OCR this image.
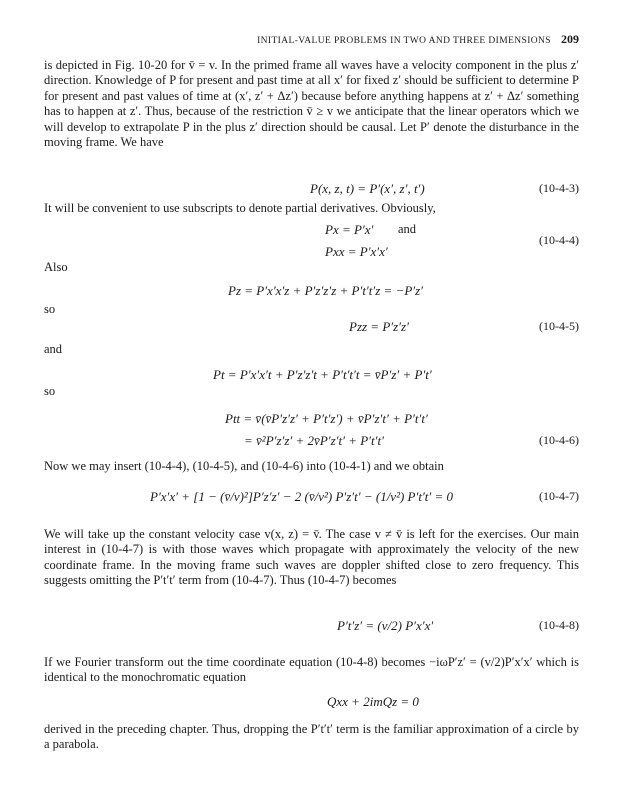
INITIAL-VALUE PROBLEMS IN TWO AND THREE DIMENSIONS 209

is depicted in Fig. 10-20 for v̄ = v. In the primed frame all waves have a velocity component in the plus z′ direction. Knowledge of P for present and past time at all x′ for fixed z′ should be sufficient to determine P for present and past values of time at (x′, z′ + Δz′) because before anything happens at z′ + Δz′ something has to happen at z′. Thus, because of the restriction v̄ ≥ v we anticipate that the linear operators which we will develop to extrapolate P in the plus z′ direction should be causal. Let P′ denote the disturbance in the moving frame. We have

P(x, z, t) = P′(x′, z′, t′)	(10-4-3)

It will be convenient to use subscripts to denote partial derivatives. Obviously,

Px = P′x′ and
Pxx = P′x′x′
(10-4-4)
Also
Pz = P′x′x′z + P′z′z′z + P′t′t′z = −P′z′
so
Pzz = P′z′z′	(10-4-5)
and
Pt = P′x′x′t + P′z′z′t + P′t′t′t = v̄P′z′ + P′t′
so
Ptt = v̄(v̄P′z′z′ + P′t′z′) + v̄P′z′t′ + P′t′t′
= v̄²P′z′z′ + 2v̄P′z′t′ + P′t′t′	(10-4-6)

Now we may insert (10-4-4), (10-4-5), and (10-4-6) into (10-4-1) and we obtain

P′x′x′ + [1 − (v̄/v)²]P′z′z′ − 2 (v̄/v²) P′z′t′ − (1/v²) P′t′t′ = 0	(10-4-7)

We will take up the constant velocity case v(x, z) = v̄. The case v ≠ v̄ is left for the exercises. Our main interest in (10-4-7) is with those waves which propagate with approximately the velocity of the new coordinate frame. In the moving frame such waves are doppler shifted close to zero frequency. This suggests omitting the P′t′t′ term from (10-4-7). Thus (10-4-7) becomes

P′t′z′ = (v/2) P′x′x′	(10-4-8)

If we Fourier transform out the time coordinate equation (10-4-8) becomes −iωP′z′ = (v/2)P′x′x′ which is identical to the monochromatic equation

Qxx + 2imQz = 0

derived in the preceding chapter. Thus, dropping the P′t′t′ term is the familiar approximation of a circle by a parabola.
